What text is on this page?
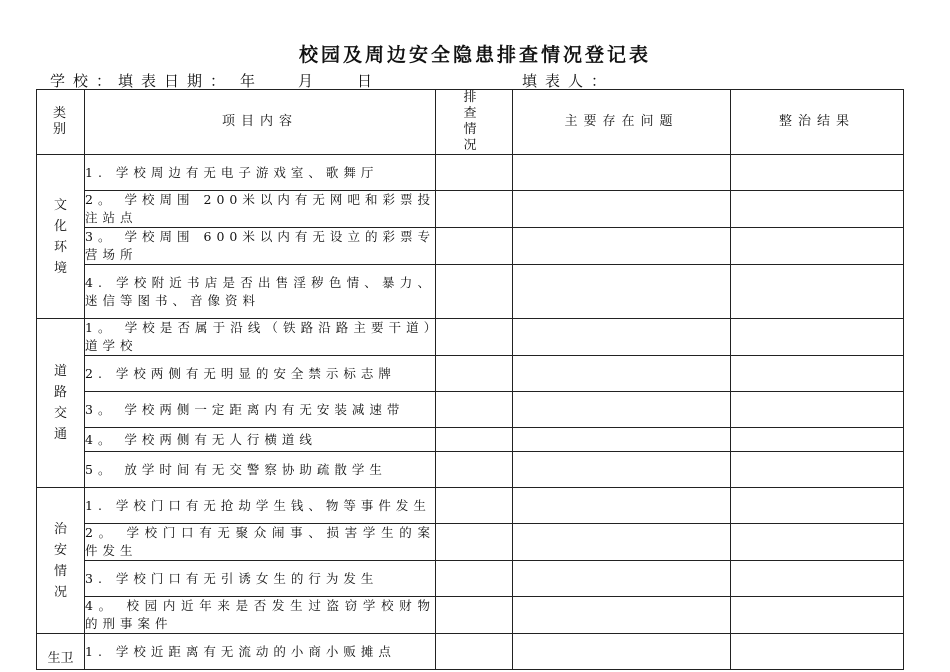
校园及周边安全隐患排查情况登记表
学校：
填表日期： 年 月 日	填表人：
类别	项目内容	排查情况	主要存在问题	整治结果
文化环境	1. 学校周边有无电子游戏室、歌舞厅			

	2。 学校周围 200米以内有无网吧和彩票投注站点			

	3。 学校周围 600米以内有无设立的彩票专营场所			

	4. 学校附近书店是否出售淫秽色情、暴力、迷信等图书、音像资料			

道路交通	1。 学校是否属于沿线（铁路沿路主要干道）道学校			

	2. 学校两侧有无明显的安全禁示标志牌			

	3。 学校两侧一定距离内有无安装减速带			

	4。 学校两侧有无人行横道线			

	5。 放学时间有无交警察协助疏散学生			

治安情况	1. 学校门口有无抢劫学生钱、物等事件发生			

	2。 学校门口有无聚众闹事、损害学生的案件发生			

	3. 学校门口有无引诱女生的行为发生			

	4。 校园内近年来是否发生过盗窃学校财物的刑事案件			

生卫	1. 学校近距离有无流动的小商小贩摊点			
